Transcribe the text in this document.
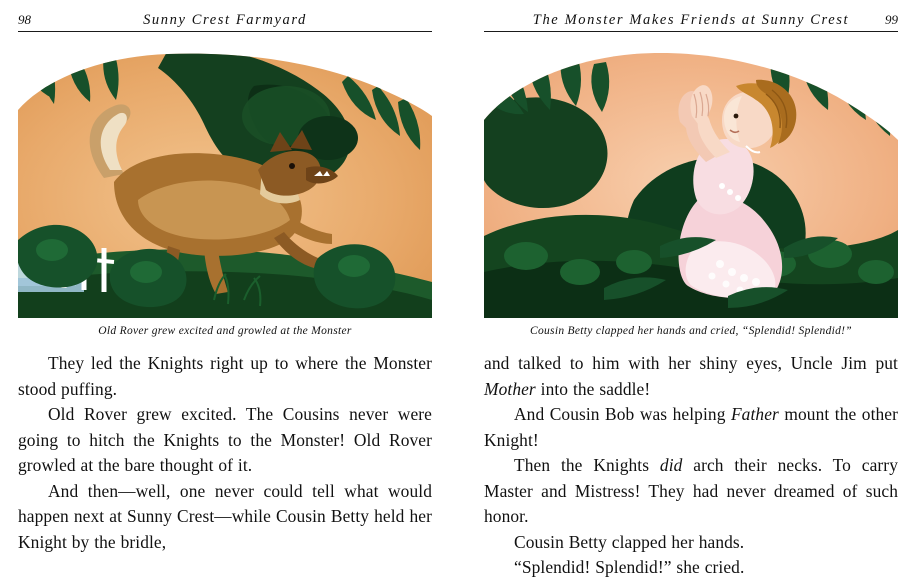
98	Sunny Crest Farmyard
Old Rover grew excited and growled at the Monster

They led the Knights right up to where the Monster stood puffing.

Old Rover grew excited. The Cousins never were going to hitch the Knights to the Monster! Old Rover growled at the bare thought of it.

And then—well, one never could tell what would happen next at Sunny Crest—while Cousin Betty held her Knight by the bridle,

The Monster Makes Friends at Sunny Crest	99
Cousin Betty clapped her hands and cried, “Splendid! Splendid!”

and talked to him with her shiny eyes, Uncle Jim put Mother into the saddle!

And Cousin Bob was helping Father mount the other Knight!

Then the Knights did arch their necks. To carry Master and Mistress! They had never dreamed of such honor.

Cousin Betty clapped her hands.

“Splendid! Splendid!” she cried.
